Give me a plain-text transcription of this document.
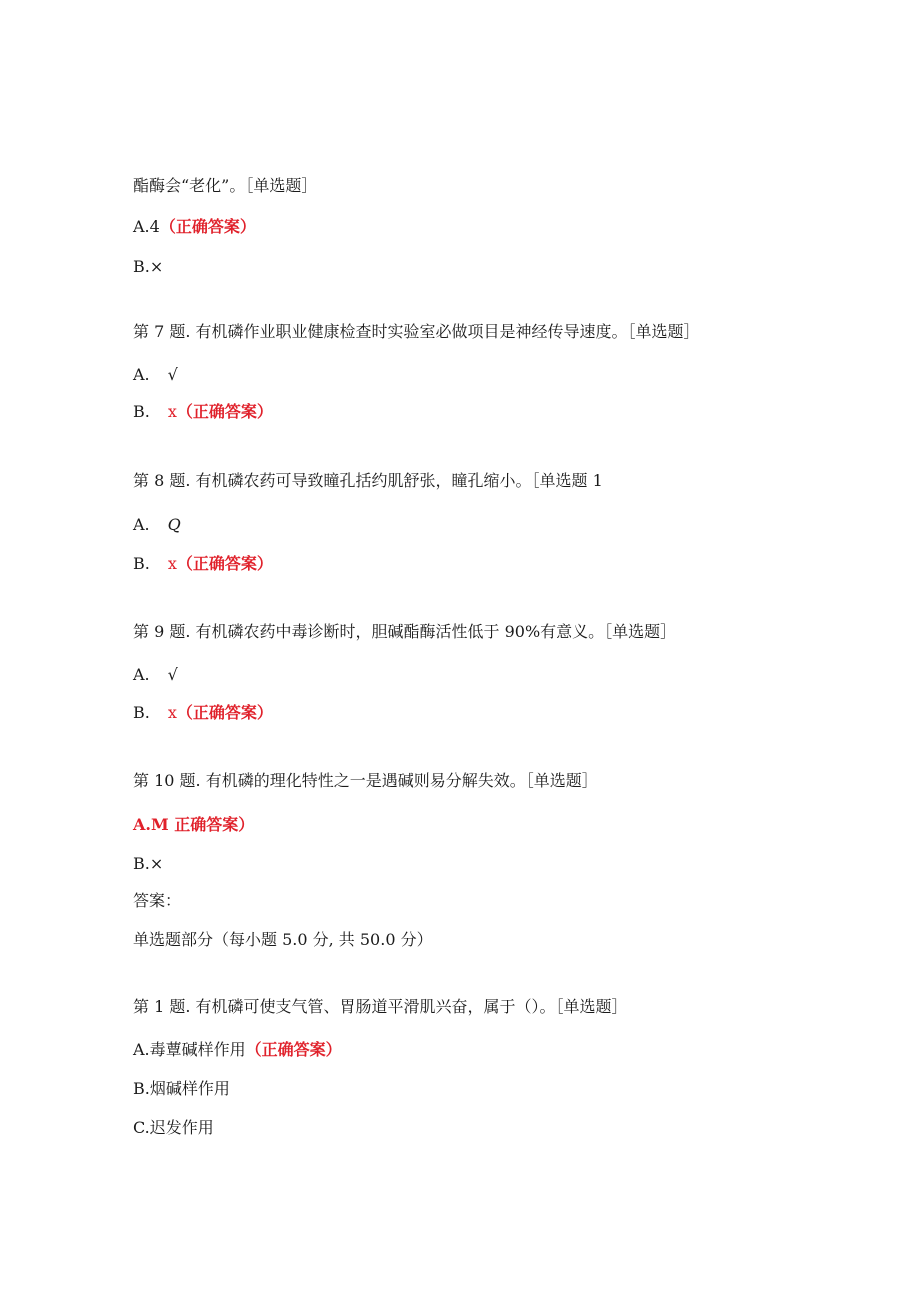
酯酶会“老化”。［单选题］
A.4（正确答案）
B.×
第 7 题. 有机磷作业职业健康检查时实验室必做项目是神经传导速度。［单选题］
A. √
B. x（正确答案）
第 8 题. 有机磷农药可导致瞳孔括约肌舒张，瞳孔缩小。［单选题 1
A. Q
B. x（正确答案）
第 9 题. 有机磷农药中毒诊断时，胆碱酯酶活性低于 90%有意义。［单选题］
A. √
B. x（正确答案）
第 10 题. 有机磷的理化特性之一是遇碱则易分解失效。［单选题］
A.M 正确答案）
B.×
答案：
单选题部分（每小题 5.0 分, 共 50.0 分）
第 1 题. 有机磷可使支气管、胃肠道平滑肌兴奋，属于（）。［单选题］
A.毒蕈碱样作用（正确答案）
B.烟碱样作用
C.迟发作用
